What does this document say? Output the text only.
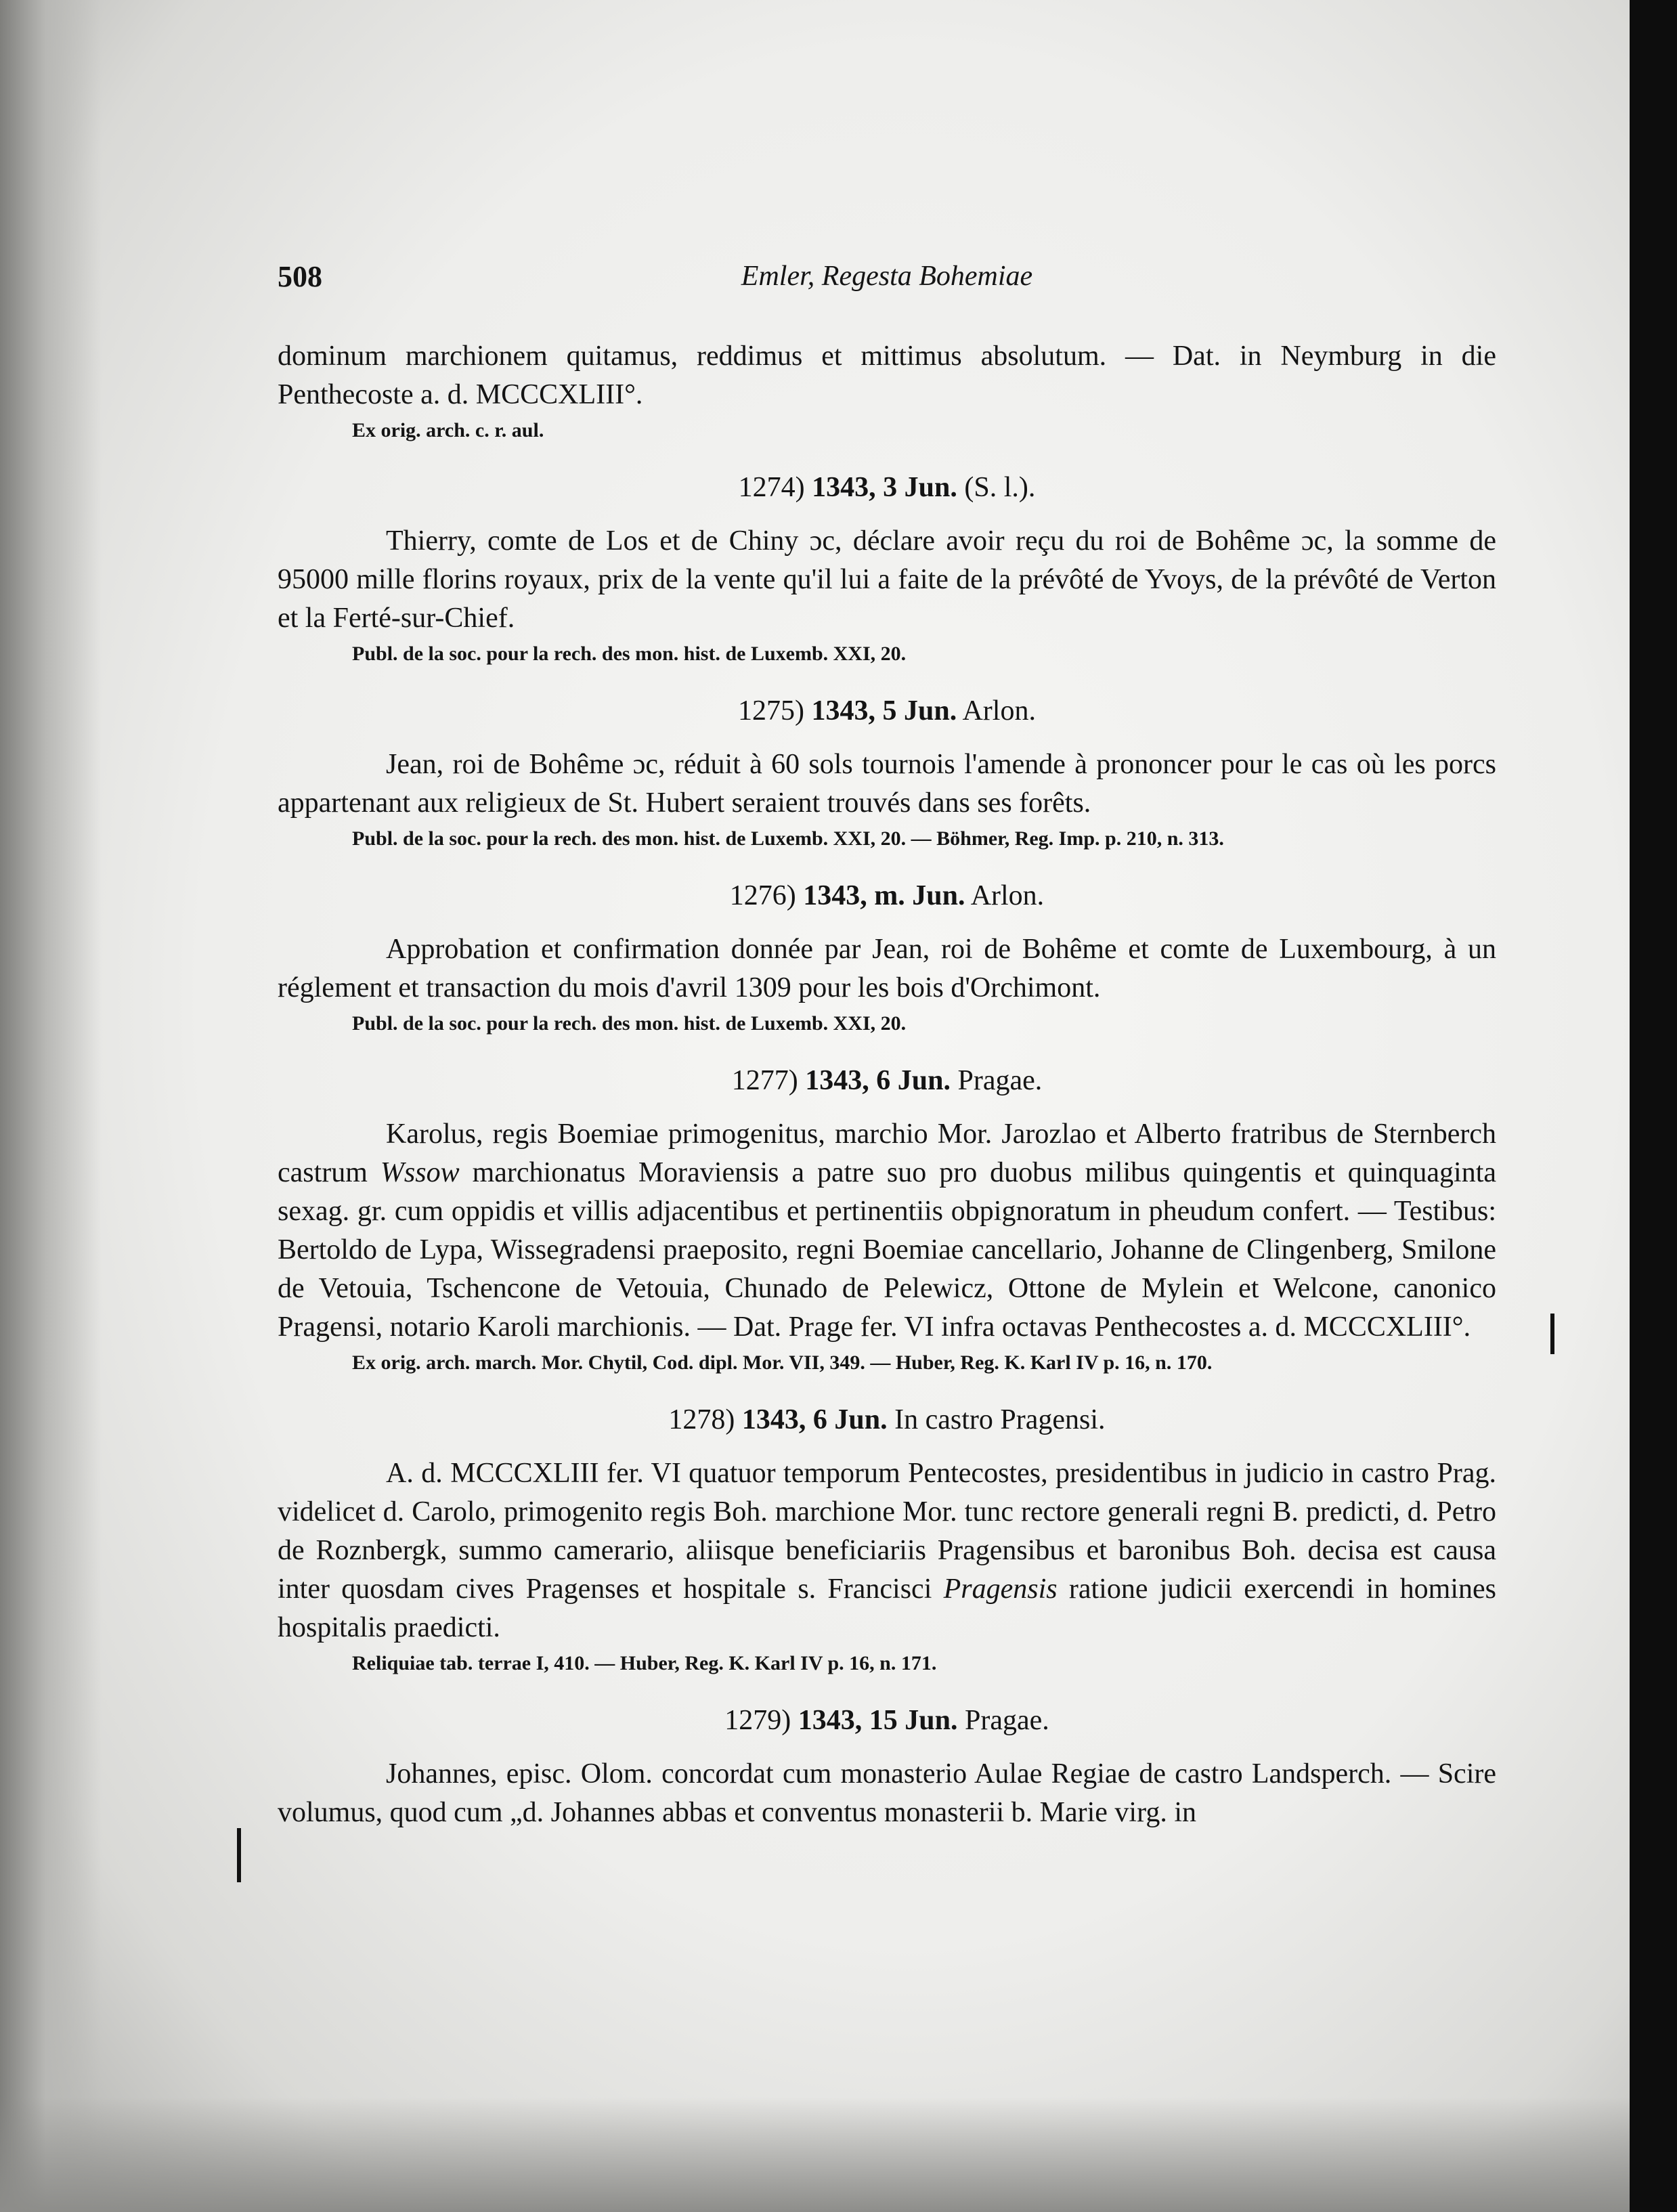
508	Emler, Regesta Bohemiae

dominum marchionem quitamus, reddimus et mittimus absolutum. — Dat. in Neymburg in die Penthecoste a. d. MCCCXLIII°.

Ex orig. arch. c. r. aul.

1274) 1343, 3 Jun. (S. l.).

Thierry, comte de Los et de Chiny ɔc, déclare avoir reçu du roi de Bohême ɔc, la somme de 95000 mille florins royaux, prix de la vente qu'il lui a faite de la prévôté de Yvoys, de la prévôté de Verton et la Ferté-sur-Chief.

Publ. de la soc. pour la rech. des mon. hist. de Luxemb. XXI, 20.

1275) 1343, 5 Jun. Arlon.

Jean, roi de Bohême ɔc, réduit à 60 sols tournois l'amende à prononcer pour le cas où les porcs appartenant aux religieux de St. Hubert seraient trouvés dans ses forêts.

Publ. de la soc. pour la rech. des mon. hist. de Luxemb. XXI, 20. — Böhmer, Reg. Imp. p. 210, n. 313.

1276) 1343, m. Jun. Arlon.

Approbation et confirmation donnée par Jean, roi de Bohême et comte de Luxembourg, à un réglement et transaction du mois d'avril 1309 pour les bois d'Orchimont.

Publ. de la soc. pour la rech. des mon. hist. de Luxemb. XXI, 20.

1277) 1343, 6 Jun. Pragae.

Karolus, regis Boemiae primogenitus, marchio Mor. Jarozlao et Alberto fratribus de Sternberch castrum Wssow marchionatus Moraviensis a patre suo pro duobus milibus quingentis et quinquaginta sexag. gr. cum oppidis et villis adjacentibus et pertinentiis obpignoratum in pheudum confert. — Testibus: Bertoldo de Lypa, Wissegradensi praeposito, regni Boemiae cancellario, Johanne de Clingenberg, Smilone de Vetouia, Tschencone de Vetouia, Chunado de Pelewicz, Ottone de Mylein et Welcone, canonico Pragensi, notario Karoli marchionis. — Dat. Prage fer. VI infra octavas Penthecostes a. d. MCCCXLIII°.

Ex orig. arch. march. Mor. Chytil, Cod. dipl. Mor. VII, 349. — Huber, Reg. K. Karl IV p. 16, n. 170.

1278) 1343, 6 Jun. In castro Pragensi.

A. d. MCCCXLIII fer. VI quatuor temporum Pentecostes, presidentibus in judicio in castro Prag. videlicet d. Carolo, primogenito regis Boh. marchione Mor. tunc rectore generali regni B. predicti, d. Petro de Roznbergk, summo camerario, aliisque beneficiariis Pragensibus et baronibus Boh. decisa est causa inter quosdam cives Pragenses et hospitale s. Francisci Pragensis ratione judicii exercendi in homines hospitalis praedicti.

Reliquiae tab. terrae I, 410. — Huber, Reg. K. Karl IV p. 16, n. 171.

1279) 1343, 15 Jun. Pragae.

Johannes, episc. Olom. concordat cum monasterio Aulae Regiae de castro Landsperch. — Scire volumus, quod cum „d. Johannes abbas et conventus monasterii b. Marie virg. in
